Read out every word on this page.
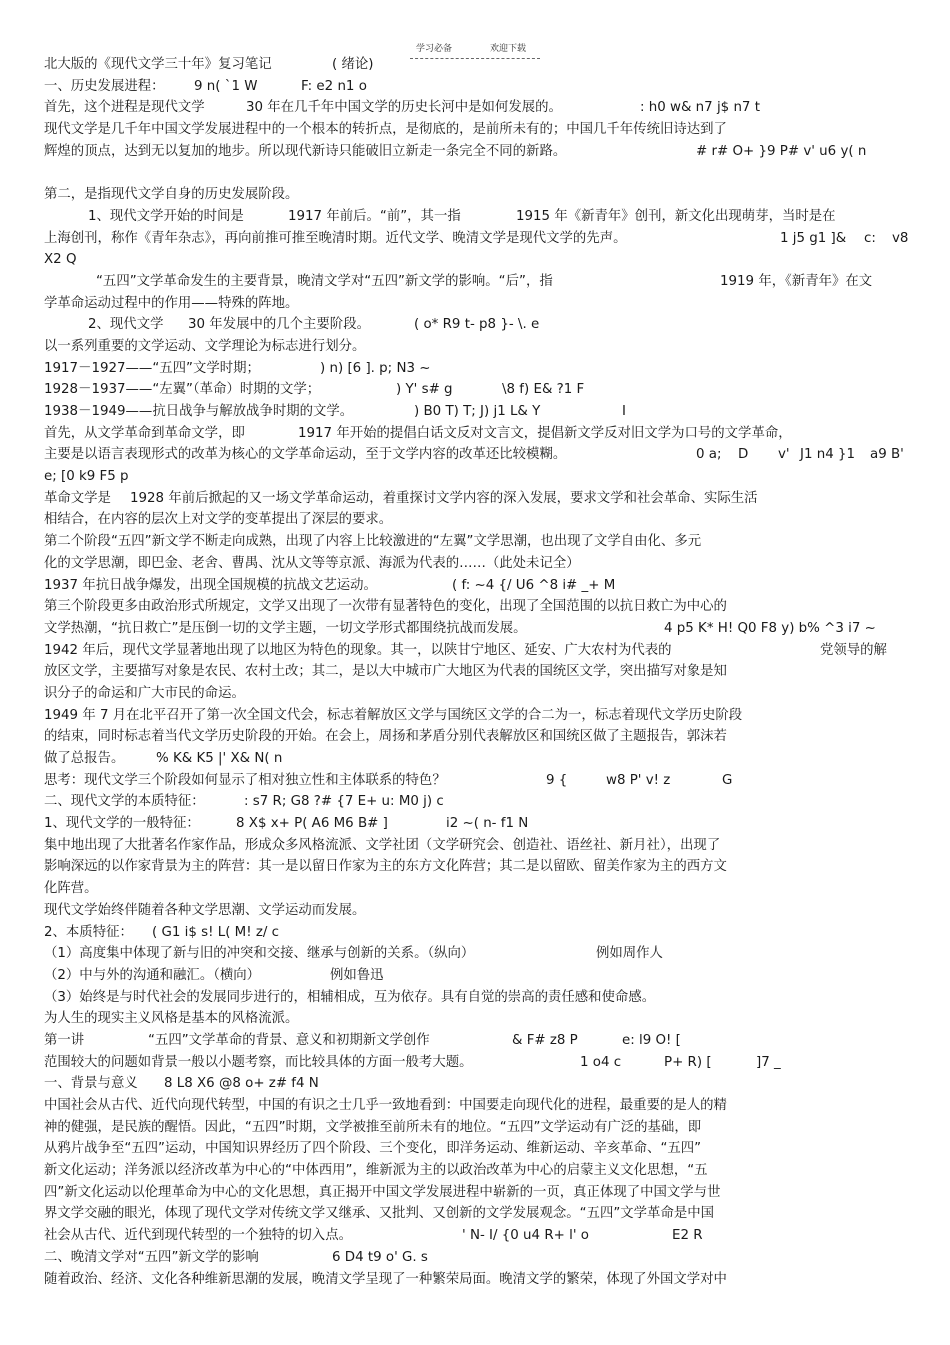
学习必备	欢迎下载
北大版的《现代文学三十年》复习笔记	( 绪论)
一、历史发展进程： 9 n( `1 W	F: e2 n1 o
首先，这个进程是现代文学	30 年在几千年中国文学的历史长河中是如何发展的。	: h0 w& n7 j$ n7 t
现代文学是几千年中国文学发展进程中的一个根本的转折点，是彻底的，是前所未有的；中国几千年传统旧诗达到了
辉煌的顶点，达到无以复加的地步。所以现代新诗只能破旧立新走一条完全不同的新路。	# r# O+ }9 P# v' u6 y( n
第二，是指现代文学自身的历史发展阶段。
1、现代文学开始的时间是	1917 年前后。“前”，其一指	1915 年《新青年》创刊，新文化出现萌芽，当时是在
上海创刊，称作《青年杂志》，再向前推可推至晚清时期。近代文学、晚清文学是现代文学的先声。	1 j5 g1 ]& c: v8
X2 Q
“五四”文学革命发生的主要背景，晚清文学对“五四”新文学的影响。“后”，指	1919 年，《新青年》在文
学革命运动过程中的作用——特殊的阵地。
2、现代文学 30 年发展中的几个主要阶段。	( o* R9 t- p8 }- \. e
以一系列重要的文学运动、文学理论为标志进行划分。
1917－1927——“五四”文学时期；	) n) [6 ]. p; N3 ~
1928－1937——“左翼”（革命）时期的文学；	) Y' s# g	\8 f) E& ?1 F
1938－1949——抗日战争与解放战争时期的文学。	) B0 T) T; J) j1 L& Y	I
首先，从文学革命到革命文学，即	1917 年开始的提倡白话文反对文言文，提倡新文学反对旧文学为口号的文学革命，
主要是以语言表现形式的改革为核心的文学革命运动，至于文学内容的改革还比较模糊。	0 a; D v' J1 n4 }1 a9 B'
e; [0 k9 F5 p
革命文学是 1928 年前后掀起的又一场文学革命运动，着重探讨文学内容的深入发展，要求文学和社会革命、实际生活
相结合，在内容的层次上对文学的变革提出了深层的要求。
第二个阶段“五四”新文学不断走向成熟，出现了内容上比较激进的“左翼”文学思潮，也出现了文学自由化、多元
化的文学思潮，即巴金、老舍、曹禺、沈从文等等京派、海派为代表的……（此处未记全）
1937 年抗日战争爆发，出现全国规模的抗战文艺运动。	( f: ~4 {/ U6 ^8 i# _+ M
第三个阶段更多由政治形式所规定，文学又出现了一次带有显著特色的变化，出现了全国范围的以抗日救亡为中心的
文学热潮，“抗日救亡”是压倒一切的文学主题，一切文学形式都围绕抗战而发展。	4 p5 K* H! Q0 F8 y) b% ^3 i7 ~
1942 年后，现代文学显著地出现了以地区为特色的现象。其一，以陕甘宁地区、延安、广大农村为代表的	党领导的解
放区文学，主要描写对象是农民、农村土改；其二，是以大中城市广大地区为代表的国统区文学，突出描写对象是知
识分子的命运和广大市民的命运。
1949 年 7 月在北平召开了第一次全国文代会，标志着解放区文学与国统区文学的合二为一，标志着现代文学历史阶段
的结束，同时标志着当代文学历史阶段的开始。在会上，周扬和茅盾分别代表解放区和国统区做了主题报告，郭沫若
做了总报告。 % K& K5 |' X& N( n
思考：现代文学三个阶段如何显示了相对独立性和主体联系的特色？	9 {	w8 P' v! z	G
二、现代文学的本质特征：	: s7 R; G8 ?# {7 E+ u: M0 j) c
1、现代文学的一般特征：	8 X$ x+ P( A6 M6 B# ]	i2 ~( n- f1 N
集中地出现了大批著名作家作品，形成众多风格流派、文学社团（文学研究会、创造社、语丝社、新月社），出现了
影响深远的以作家背景为主的阵营：其一是以留日作家为主的东方文化阵营；其二是以留欧、留美作家为主的西方文
化阵营。
现代文学始终伴随着各种文学思潮、文学运动而发展。
2、本质特征： ( G1 i$ s! L( M! z/ c
（1）高度集中体现了新与旧的冲突和交接、继承与创新的关系。（纵向）	例如周作人
（2）中与外的沟通和融汇。（横向）	例如鲁迅
（3）始终是与时代社会的发展同步进行的，相辅相成，互为依存。具有自觉的崇高的责任感和使命感。
为人生的现实主义风格是基本的风格流派。
第一讲	“五四”文学革命的背景、意义和初期新文学创作	& F# z8 P	e: l9 O! [
范围较大的问题如背景一般以小题考察，而比较具体的方面一般考大题。	1 o4 c	P+ R) [	]7 _
一、背景与意义 8 L8 X6 @8 o+ z# f4 N
中国社会从古代、近代向现代转型，中国的有识之士几乎一致地看到：中国要走向现代化的进程，最重要的是人的精
神的健强，是民族的醒悟。因此，“五四”时期，文学被推至前所未有的地位。“五四”文学运动有广泛的基础，即
从鸦片战争至“五四”运动，中国知识界经历了四个阶段、三个变化，即洋务运动、维新运动、辛亥革命、“五四”
新文化运动；洋务派以经济改革为中心的“中体西用”，维新派为主的以政治改革为中心的启蒙主义文化思想，“五
四”新文化运动以伦理革命为中心的文化思想，真正揭开中国文学发展进程中崭新的一页，真正体现了中国文学与世
界文学交融的眼光，体现了现代文学对传统文学又继承、又批判、又创新的文学发展观念。“五四”文学革命是中国
社会从古代、近代到现代转型的一个独特的切入点。	' N- I/ {0 u4 R+ l' o	E2 R
二、晚清文学对“五四”新文学的影响	6 D4 t9 o' G. s
随着政治、经济、文化各种维新思潮的发展，晚清文学呈现了一种繁荣局面。晚清文学的繁荣，体现了外国文学对中
